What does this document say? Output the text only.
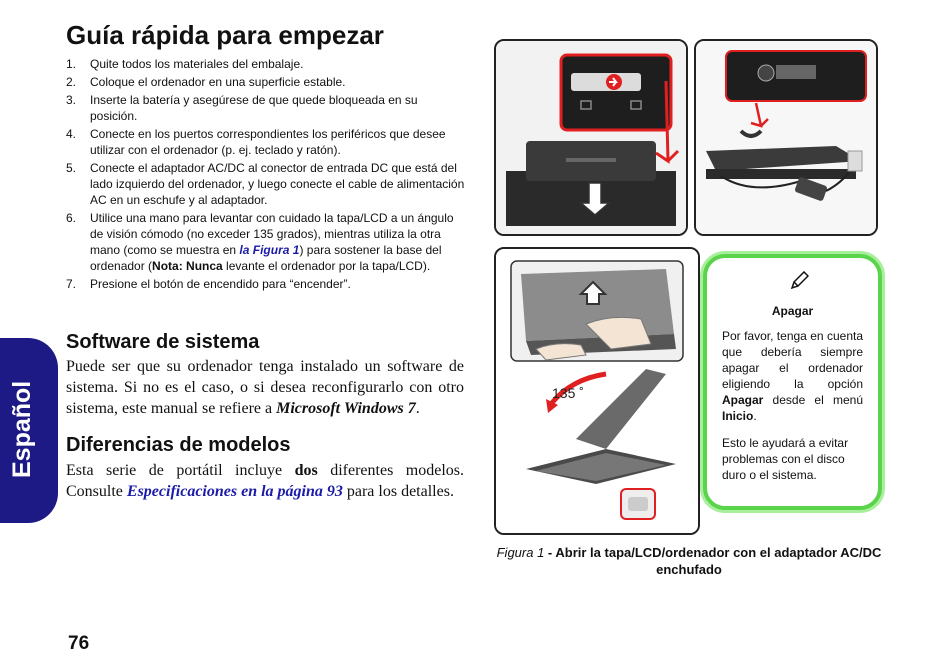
Español
Guía rápida para empezar
1. Quite todos los materiales del embalaje.
2. Coloque el ordenador en una superficie estable.
3. Inserte la batería y asegúrese de que quede bloqueada en su posición.
4. Conecte en los puertos correspondientes los periféricos que desee utilizar con el ordenador (p. ej. teclado y ratón).
5. Conecte el adaptador AC/DC al conector de entrada DC que está del lado izquierdo del ordenador, y luego conecte el cable de alimentación AC en un eschufe y al adaptador.
6. Utilice una mano para levantar con cuidado la tapa/LCD a un ángulo de visión cómodo (no exceder 135 grados), mientras utiliza la otra mano (como se muestra en la Figura 1) para sostener la base del ordenador (Nota: Nunca levante el ordenador por la tapa/LCD).
7. Presione el botón de encendido para “encender”.
Software de sistema

Puede ser que su ordenador tenga instalado un software de sistema. Si no es el caso, o si desea reconfigurarlo con otro sistema, este manual se refiere a Microsoft Windows 7.

Diferencias de modelos

Esta serie de portátil incluye dos diferentes modelos. Consulte Especificaciones en la página 93 para los detalles.

76
135 ˚
Apagar

Por favor, tenga en cuenta que debería siempre apagar el ordenador eligiendo la opción Apagar desde el menú Inicio.

Esto le ayudará a evitar problemas con el disco duro o el sistema.

Figura 1 - Abrir la tapa/LCD/ordenador con el adaptador AC/DC enchufado
